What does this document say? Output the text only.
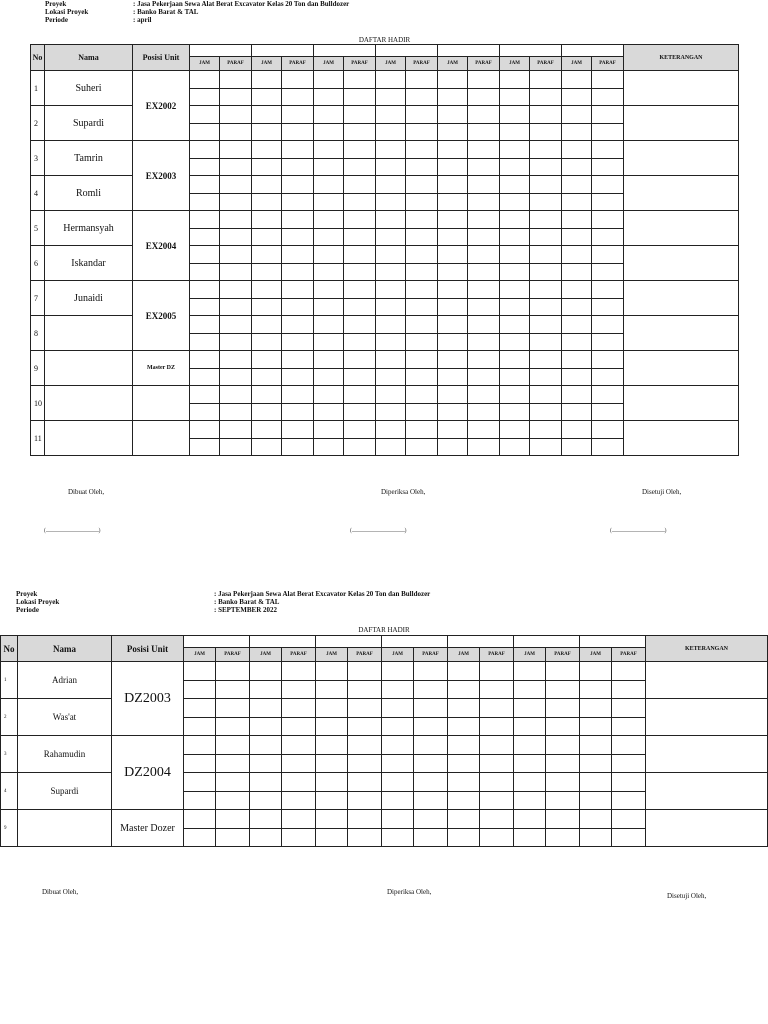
Proyek	: Jasa Pekerjaan Sewa Alat Berat Excavator Kelas 20 Ton dan Bulldozer
Lokasi Proyek	: Banko Barat & TAL
Periode	: april
DAFTAR HADIR
No	Nama	Posisi Unit															KETERANGAN
			JAM	PARAF	JAM	PARAF	JAM	PARAF	JAM	PARAF	JAM	PARAF	JAM	PARAF	JAM	PARAF	
1	Suheri	EX2002															

2	Supardi																

3	Tamrin	EX2003															

4	Romli																

5	Hermansyah	EX2004															

6	Iskandar																

7	Junaidi	EX2005															

8																	

9		Master DZ															

10																	

11																	

Dibuat Oleh,	Diperiksa Oleh,	Disetuji Oleh,
(.....................................................)	(.....................................................)	(.....................................................)
Proyek	: Jasa Pekerjaan Sewa Alat Berat Excavator Kelas 20 Ton dan Bulldozer
Lokasi Proyek	: Banko Barat & TAL
Periode	: SEPTEMBER 2022
DAFTAR HADIR
No	Nama	Posisi Unit															KETERANGAN
			JAM	PARAF	JAM	PARAF	JAM	PARAF	JAM	PARAF	JAM	PARAF	JAM	PARAF	JAM	PARAF	
1	Adrian	DZ2003															

2	Was'at																

3	Rahamudin	DZ2004															

4	Supardi																

9		Master Dozer															

Dibuat Oleh,	Diperiksa Oleh,	Disetuji Oleh,
